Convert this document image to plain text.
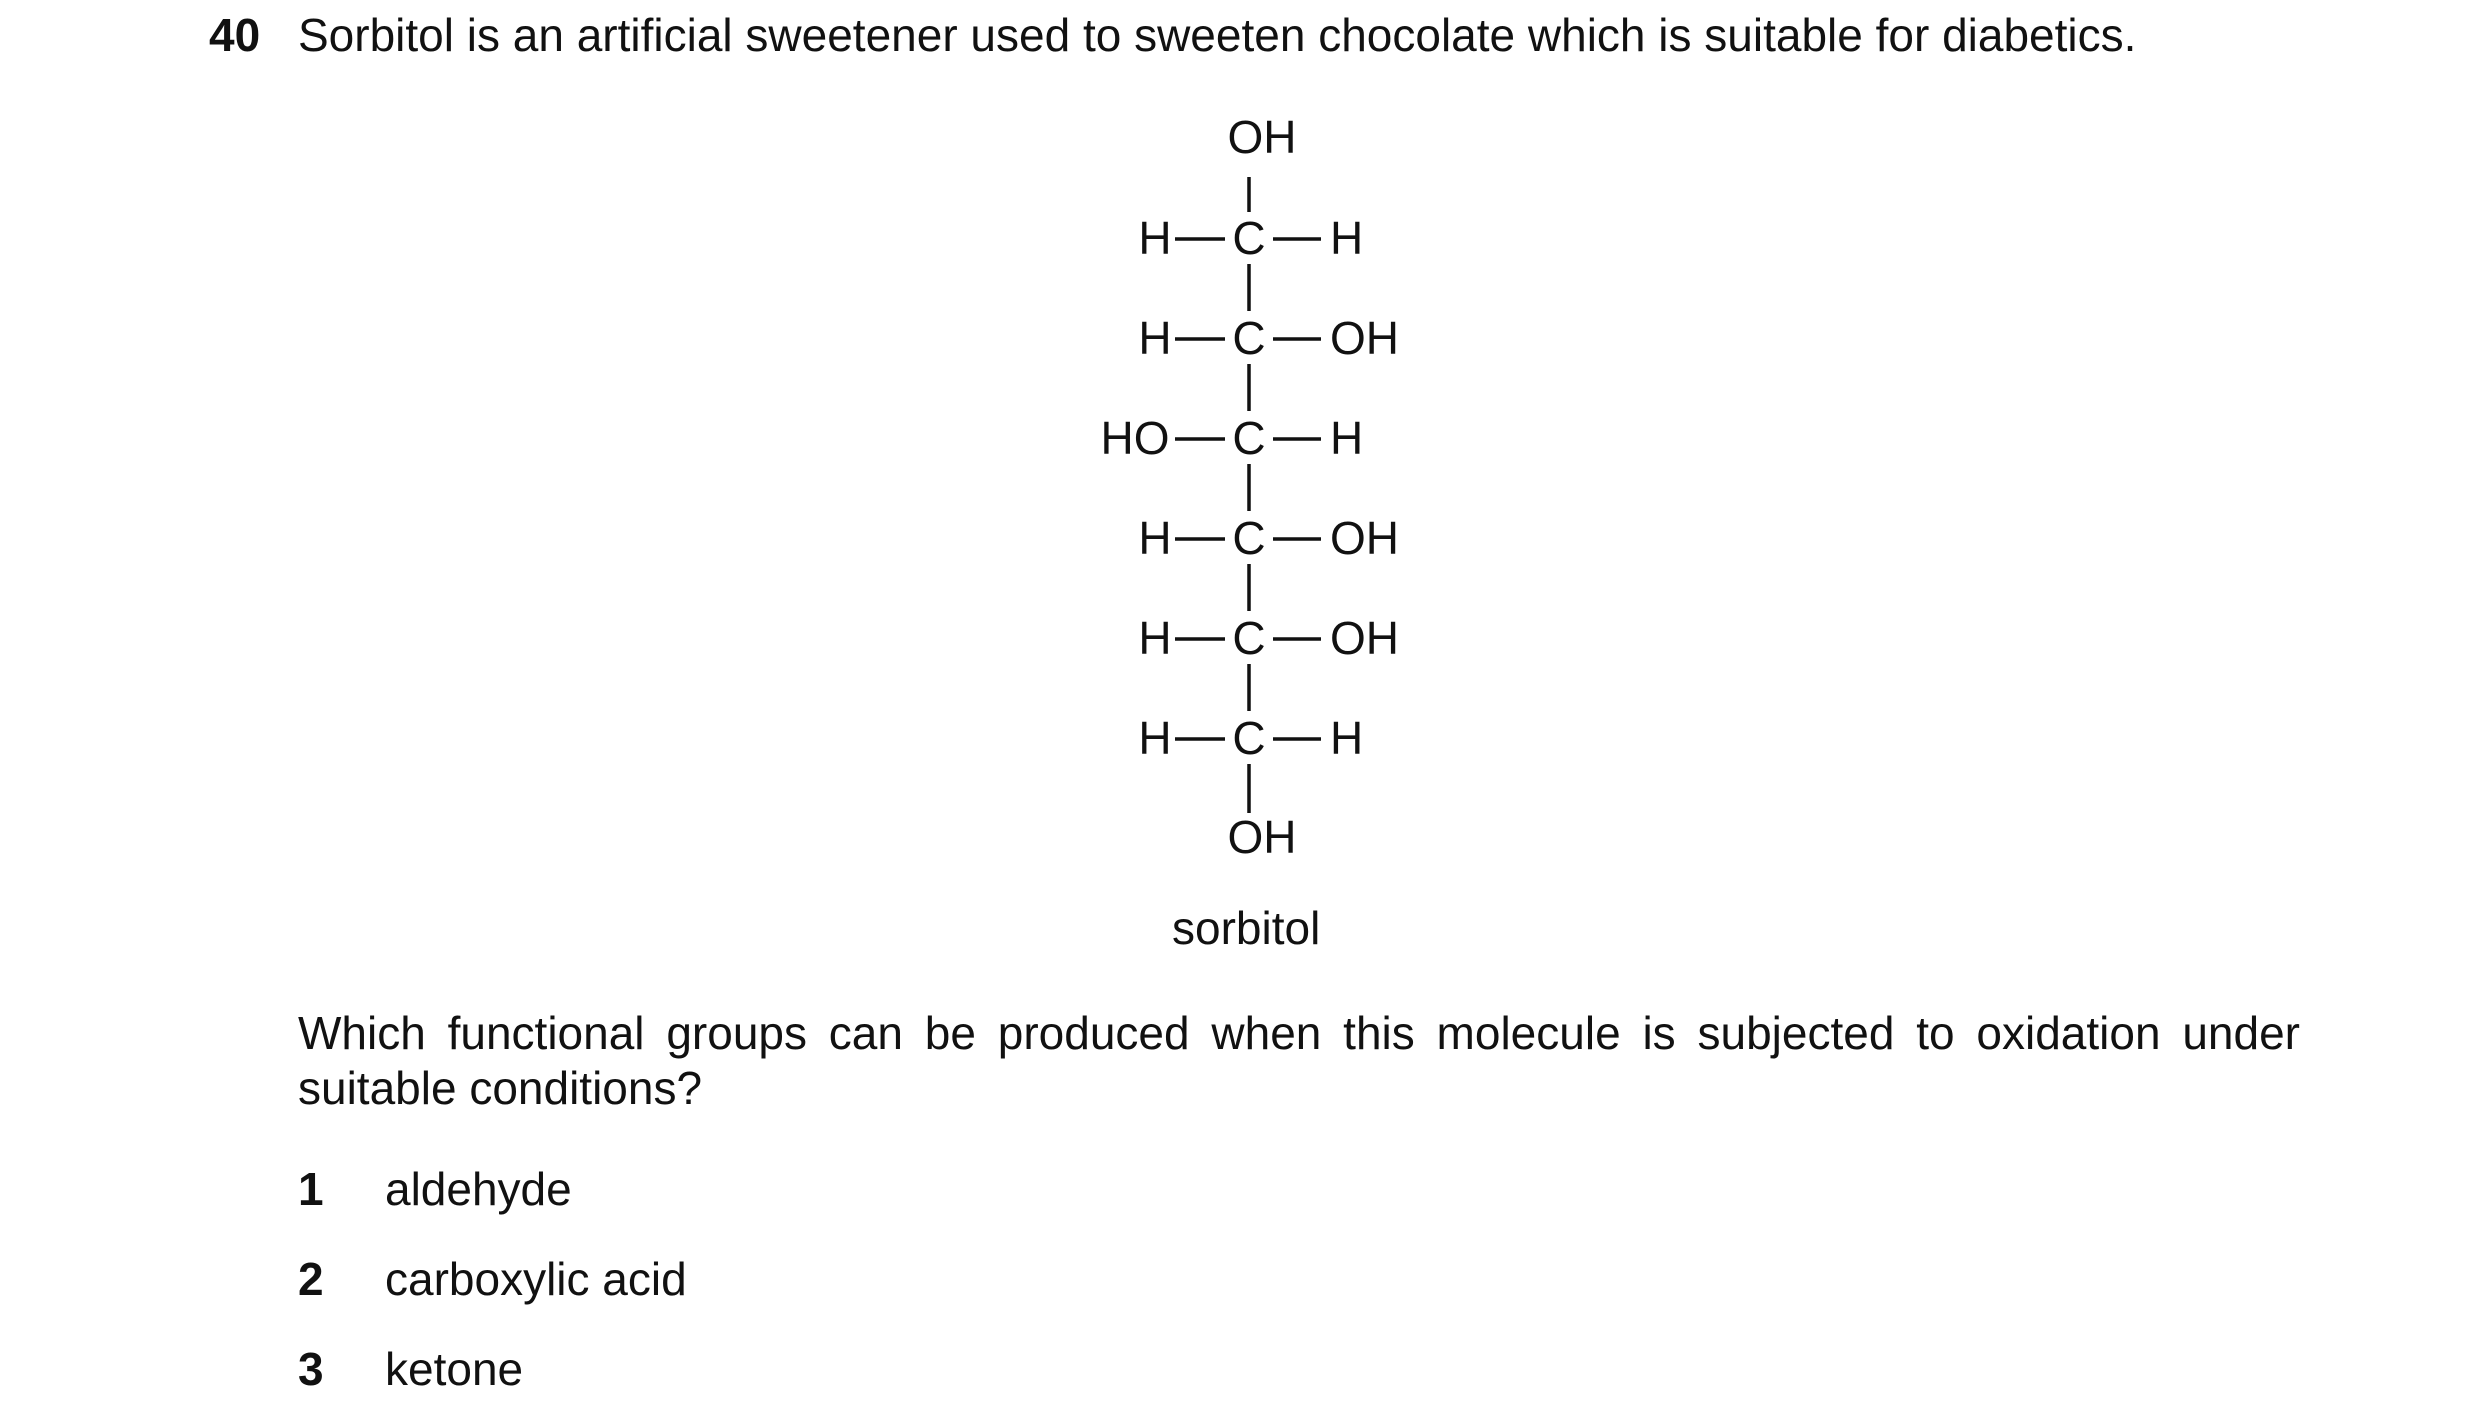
40 Sorbitol is an artificial sweetener used to sweeten chocolate which is suitable for diabetics.
OH
H C H
H C OH
HO C H
H C OH
H C OH
H C H
OH
sorbitol
Which functional groups can be produced when this molecule is subjected to oxidation under suitable conditions?
1 aldehyde
2 carboxylic acid
3 ketone
